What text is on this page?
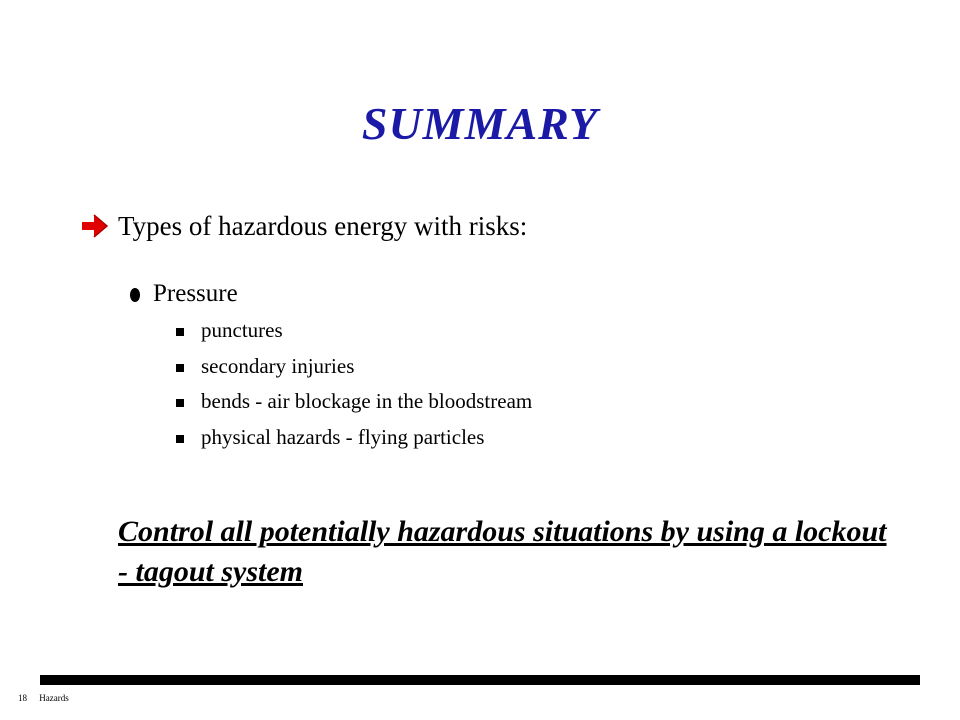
SUMMARY
Types of hazardous energy with risks:
Pressure
punctures
secondary injuries
bends - air blockage in the bloodstream
physical hazards - flying particles
Control all potentially hazardous situations by using a lockout - tagout system
18 Hazards
